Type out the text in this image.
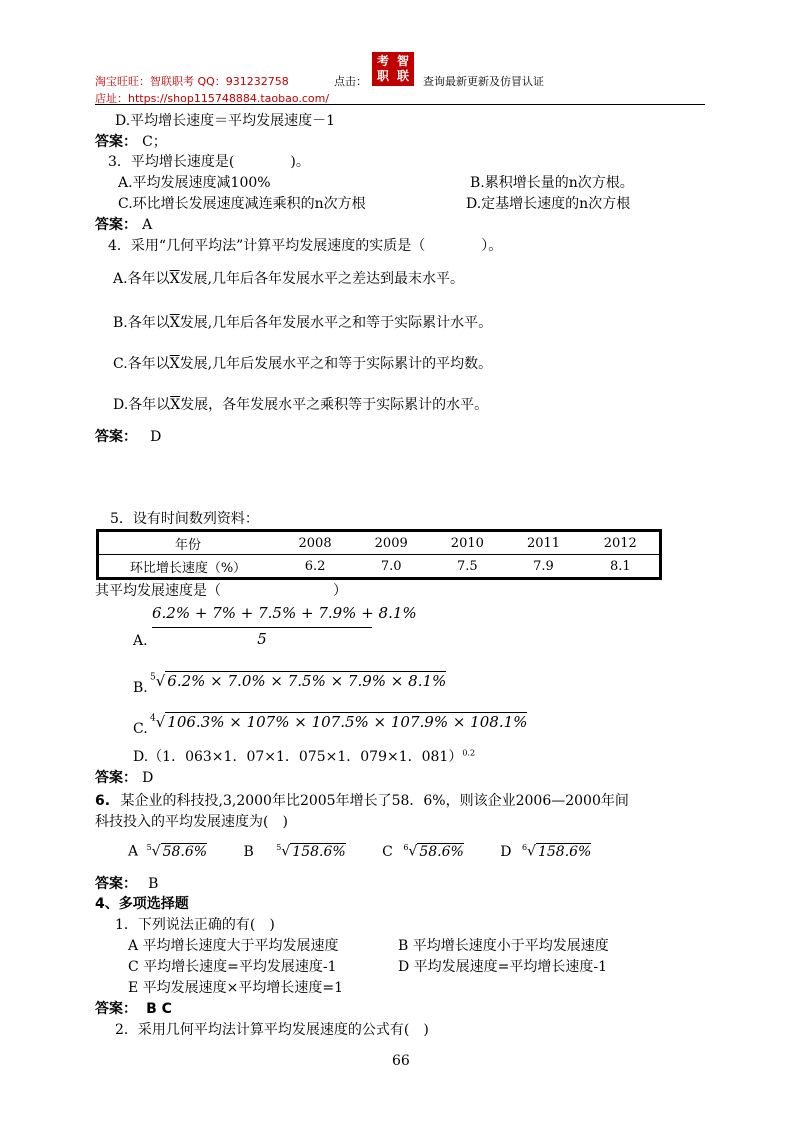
淘宝旺旺：智联职考 QQ：931232758
店址：https://shop115748884.taobao.com/
点击：
考 智
职 联	查询最新更新及仿冒认证
D.平均增长速度＝平均发展速度－1
答案： C；
3．平均增长速度是(　　　　)。
A.平均发展速度减100%	B.累积增长量的n次方根。
C.环比增长发展速度减连乘积的n次方根	D.定基增长速度的n次方根
答案： A
4．采用“几何平均法”计算平均发展速度的实质是（　　　　）。
A.各年以$\overline{X}$发展,几年后各年发展水平之差达到最末水平。
B.各年以$\overline{X}$发展,几年后各年发展水平之和等于实际累计水平。
C.各年以$\overline{X}$发展,几年后发展水平之和等于实际累计的平均数。
D.各年以$\overline{X}$发展，各年发展水平之乘积等于实际累计的水平。
答案： D
5．设有时间数列资料：
年份	2008	2009	2010	2011	2012
环比增长速度（%）	6.2	7.0	7.5	7.9	8.1
其平均发展速度是（　　　　　　　　）
A.
6.2% + 7% + 7.5% + 7.9% + 8.1%
5
B.
$^5$√ 6.2% × 7.0% × 7.5% × 7.9% × 8.1%
C.
$^4$√ 106.3% × 107% × 107.5% × 107.9% × 108.1%
D.（1．063×1．07×1．075×1．079×1．081）$^{0.2}$
答案： D
6. 某企业的科技投,3,2000年比2005年增长了58．6%，则该企业2006—2000年间
科技投入的平均发展速度为(　)
A $^5$√ 58.6%	B	$^5$√ 158.6%	C $^6$√ 58.6%	D $^6$√ 158.6%
答案： B
4、多项选择题
1．下列说法正确的有(　)
A 平均增长速度大于平均发展速度	B 平均增长速度小于平均发展速度
C 平均增长速度=平均发展速度-1	D 平均发展速度=平均增长速度-1
E 平均发展速度×平均增长速度=1
答案： B C
2．采用几何平均法计算平均发展速度的公式有(　)
66
